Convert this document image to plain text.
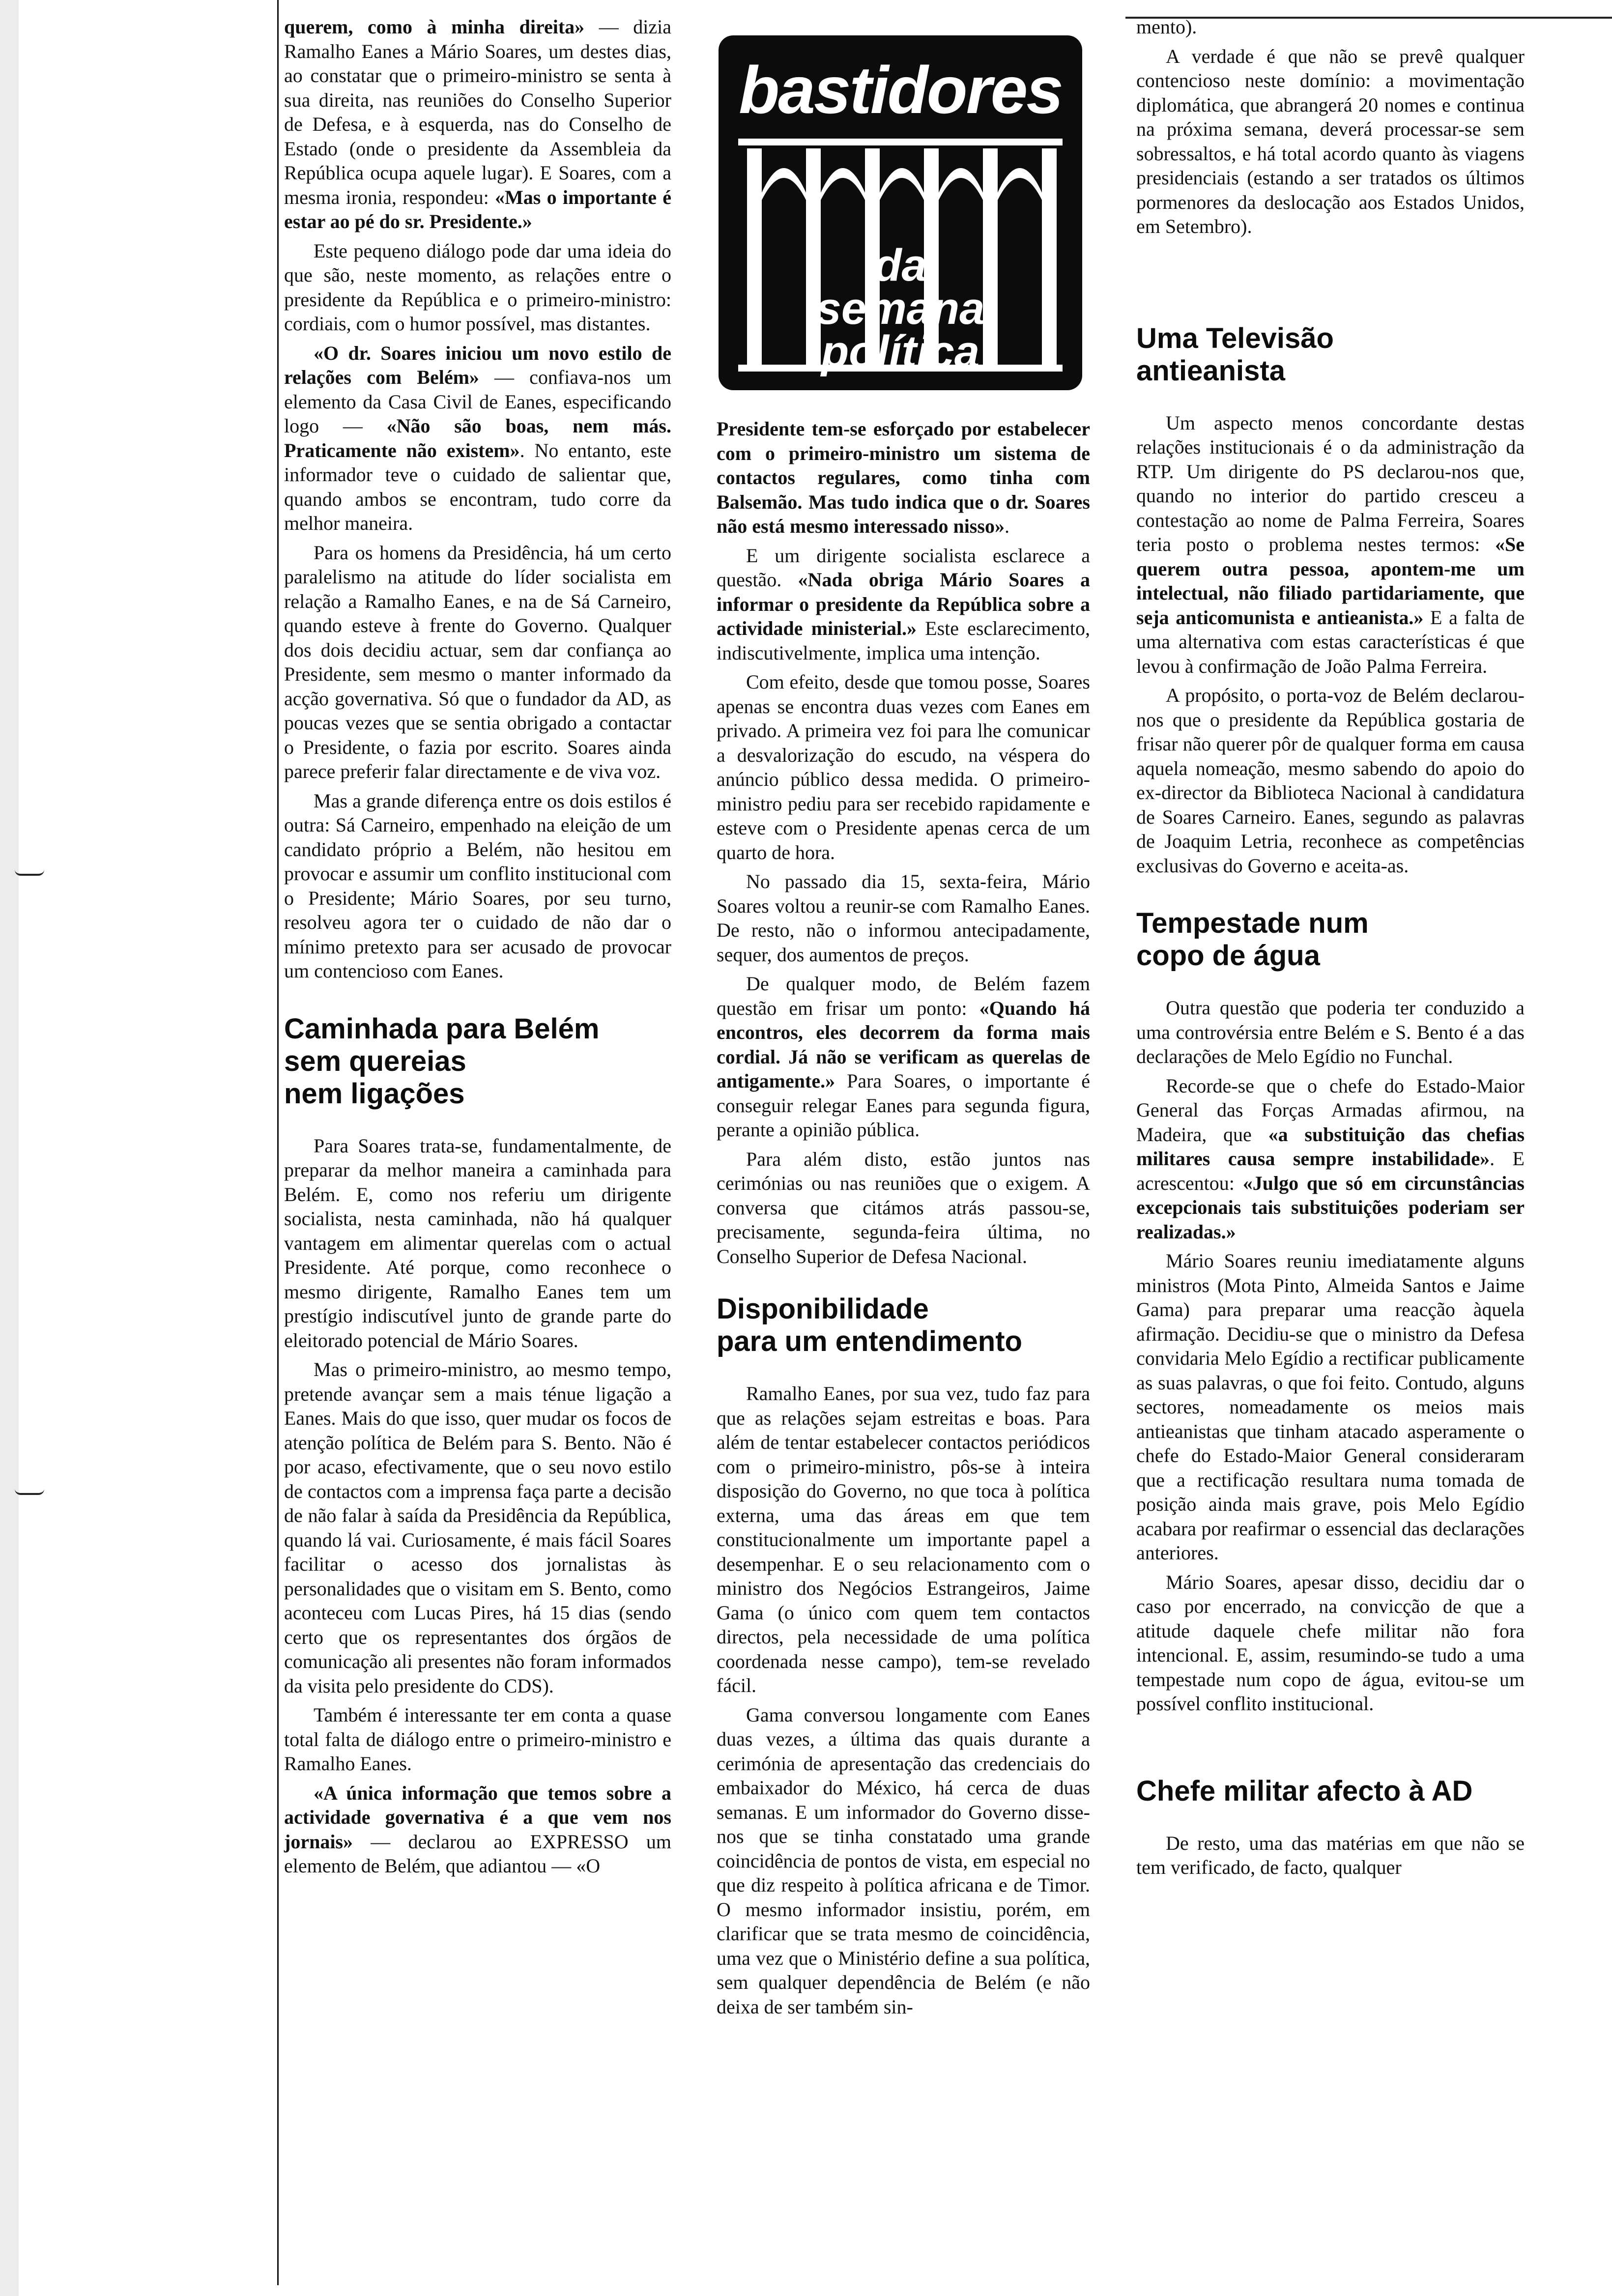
querem, como à minha direita» — dizia Ramalho Eanes a Mário Soares, um destes dias, ao constatar que o primeiro-ministro se senta à sua direita, nas reuniões do Conselho Superior de Defesa, e à esquerda, nas do Conselho de Estado (onde o presidente da Assembleia da República ocupa aquele lugar). E Soares, com a mesma ironia, respondeu: «Mas o importante é estar ao pé do sr. Presidente.»

Este pequeno diálogo pode dar uma ideia do que são, neste momento, as relações entre o presidente da República e o primeiro-ministro: cordiais, com o humor possível, mas distantes.

«O dr. Soares iniciou um novo estilo de relações com Belém» — confiava-nos um elemento da Casa Civil de Eanes, especificando logo — «Não são boas, nem más. Praticamente não existem». No entanto, este informador teve o cuidado de salientar que, quando ambos se encontram, tudo corre da melhor maneira.

Para os homens da Presidência, há um certo paralelismo na atitude do líder socialista em relação a Ramalho Eanes, e na de Sá Carneiro, quando esteve à frente do Governo. Qualquer dos dois decidiu actuar, sem dar confiança ao Presidente, sem mesmo o manter informado da acção governativa. Só que o fundador da AD, as poucas vezes que se sentia obrigado a contactar o Presidente, o fazia por escrito. Soares ainda parece preferir falar directamente e de viva voz.

Mas a grande diferença entre os dois estilos é outra: Sá Carneiro, empenhado na eleição de um candidato próprio a Belém, não hesitou em provocar e assumir um conflito institucional com o Presidente; Mário Soares, por seu turno, resolveu agora ter o cuidado de não dar o mínimo pretexto para ser acusado de provocar um contencioso com Eanes.

Caminhada para Belém
sem quereias
nem ligações

Para Soares trata-se, fundamentalmente, de preparar da melhor maneira a caminhada para Belém. E, como nos referiu um dirigente socialista, nesta caminhada, não há qualquer vantagem em alimentar querelas com o actual Presidente. Até porque, como reconhece o mesmo dirigente, Ramalho Eanes tem um prestígio indiscutível junto de grande parte do eleitorado potencial de Mário Soares.

Mas o primeiro-ministro, ao mesmo tempo, pretende avançar sem a mais ténue ligação a Eanes. Mais do que isso, quer mudar os focos de atenção política de Belém para S. Bento. Não é por acaso, efectivamente, que o seu novo estilo de contactos com a imprensa faça parte a decisão de não falar à saída da Presidência da República, quando lá vai. Curiosamente, é mais fácil Soares facilitar o acesso dos jornalistas às personalidades que o visitam em S. Bento, como aconteceu com Lucas Pires, há 15 dias (sendo certo que os representantes dos órgãos de comunicação ali presentes não foram informados da visita pelo presidente do CDS).

Também é interessante ter em conta a quase total falta de diálogo entre o primeiro-ministro e Ramalho Eanes.

«A única informação que temos sobre a actividade governativa é a que vem nos jornais» — declarou ao EXPRESSO um elemento de Belém, que adiantou — «O

bastidores
da
semana
política

Presidente tem-se esforçado por estabelecer com o primeiro-ministro um sistema de contactos regulares, como tinha com Balsemão. Mas tudo indica que o dr. Soares não está mesmo interessado nisso».

E um dirigente socialista esclarece a questão. «Nada obriga Mário Soares a informar o presidente da República sobre a actividade ministerial.» Este esclarecimento, indiscutivelmente, implica uma intenção.

Com efeito, desde que tomou posse, Soares apenas se encontra duas vezes com Eanes em privado. A primeira vez foi para lhe comunicar a desvalorização do escudo, na véspera do anúncio público dessa medida. O primeiro-ministro pediu para ser recebido rapidamente e esteve com o Presidente apenas cerca de um quarto de hora.

No passado dia 15, sexta-feira, Mário Soares voltou a reunir-se com Ramalho Eanes. De resto, não o informou antecipadamente, sequer, dos aumentos de preços.

De qualquer modo, de Belém fazem questão em frisar um ponto: «Quando há encontros, eles decorrem da forma mais cordial. Já não se verificam as querelas de antigamente.» Para Soares, o importante é conseguir relegar Eanes para segunda figura, perante a opinião pública.

Para além disto, estão juntos nas cerimónias ou nas reuniões que o exigem. A conversa que citámos atrás passou-se, precisamente, segunda-feira última, no Conselho Superior de Defesa Nacional.

Disponibilidade
para um entendimento

Ramalho Eanes, por sua vez, tudo faz para que as relações sejam estreitas e boas. Para além de tentar estabelecer contactos periódicos com o primeiro-ministro, pôs-se à inteira disposição do Governo, no que toca à política externa, uma das áreas em que tem constitucionalmente um importante papel a desempenhar. E o seu relacionamento com o ministro dos Negócios Estrangeiros, Jaime Gama (o único com quem tem contactos directos, pela necessidade de uma política coordenada nesse campo), tem-se revelado fácil.

Gama conversou longamente com Eanes duas vezes, a última das quais durante a cerimónia de apresentação das credenciais do embaixador do México, há cerca de duas semanas. E um informador do Governo disse-nos que se tinha constatado uma grande coincidência de pontos de vista, em especial no que diz respeito à política africana e de Timor. O mesmo informador insistiu, porém, em clarificar que se trata mesmo de coincidência, uma vez que o Ministério define a sua política, sem qualquer dependência de Belém (e não deixa de ser também sin-

mento).

A verdade é que não se prevê qualquer contencioso neste domínio: a movimentação diplomática, que abrangerá 20 nomes e continua na próxima semana, deverá processar-se sem sobressaltos, e há total acordo quanto às viagens presidenciais (estando a ser tratados os últimos pormenores da deslocação aos Estados Unidos, em Setembro).

Uma Televisão
antieanista

Um aspecto menos concordante destas relações institucionais é o da administração da RTP. Um dirigente do PS declarou-nos que, quando no interior do partido cresceu a contestação ao nome de Palma Ferreira, Soares teria posto o problema nestes termos: «Se querem outra pessoa, apontem-me um intelectual, não filiado partidariamente, que seja anticomunista e antieanista.» E a falta de uma alternativa com estas características é que levou à confirmação de João Palma Ferreira.

A propósito, o porta-voz de Belém declarou-nos que o presidente da República gostaria de frisar não querer pôr de qualquer forma em causa aquela nomeação, mesmo sabendo do apoio do ex-director da Biblioteca Nacional à candidatura de Soares Carneiro. Eanes, segundo as palavras de Joaquim Letria, reconhece as competências exclusivas do Governo e aceita-as.

Tempestade num
copo de água

Outra questão que poderia ter conduzido a uma controvérsia entre Belém e S. Bento é a das declarações de Melo Egídio no Funchal.

Recorde-se que o chefe do Estado-Maior General das Forças Armadas afirmou, na Madeira, que «a substituição das chefias militares causa sempre instabilidade». E acrescentou: «Julgo que só em circunstâncias excepcionais tais substituições poderiam ser realizadas.»

Mário Soares reuniu imediatamente alguns ministros (Mota Pinto, Almeida Santos e Jaime Gama) para preparar uma reacção àquela afirmação. Decidiu-se que o ministro da Defesa convidaria Melo Egídio a rectificar publicamente as suas palavras, o que foi feito. Contudo, alguns sectores, nomeadamente os meios mais antieanistas que tinham atacado asperamente o chefe do Estado-Maior General consideraram que a rectificação resultara numa tomada de posição ainda mais grave, pois Melo Egídio acabara por reafirmar o essencial das declarações anteriores.

Mário Soares, apesar disso, decidiu dar o caso por encerrado, na convicção de que a atitude daquele chefe militar não fora intencional. E, assim, resumindo-se tudo a uma tempestade num copo de água, evitou-se um possível conflito institucional.

Chefe militar afecto à AD

De resto, uma das matérias em que não se tem verificado, de facto, qualquer
